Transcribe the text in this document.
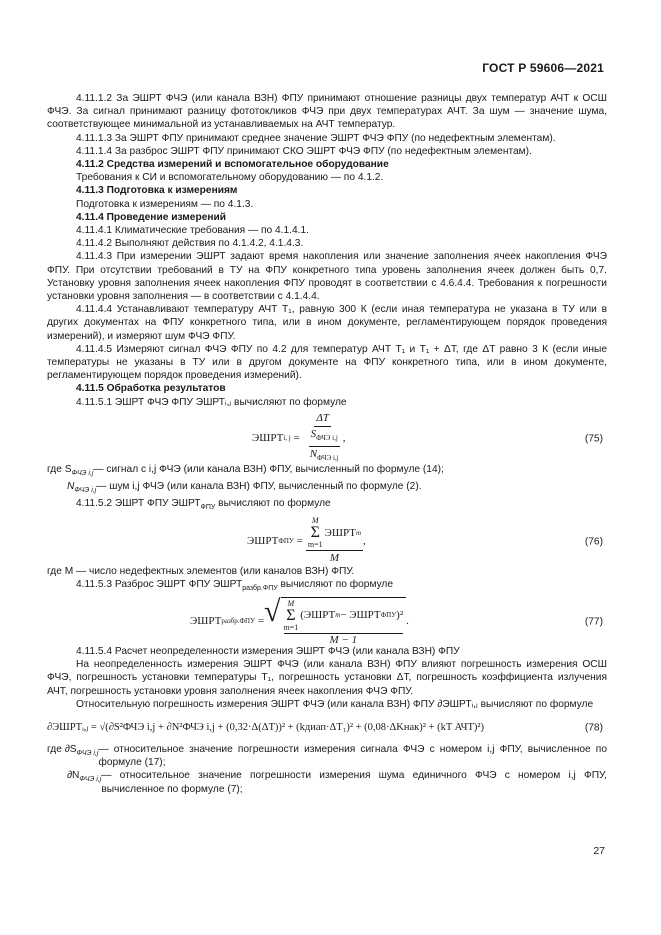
ГОСТ Р 59606—2021

4.11.1.2 За ЭШРТ ФЧЭ (или канала ВЗН) ФПУ принимают отношение разницы двух температур АЧТ к ОСШ ФЧЭ. За сигнал принимают разницу фототокликов ФЧЭ при двух температурах АЧТ. За шум — значение шума, соответствующее минимальной из устанавливаемых на АЧТ температур.

4.11.1.3 За ЭШРТ ФПУ принимают среднее значение ЭШРТ ФЧЭ ФПУ (по недефектным элементам).

4.11.1.4 За разброс ЭШРТ ФПУ принимают СКО ЭШРТ ФЧЭ ФПУ (по недефектным элементам).

4.11.2 Средства измерений и вспомогательное оборудование

Требования к СИ и вспомогательному оборудованию — по 4.1.2.

4.11.3 Подготовка к измерениям

Подготовка к измерениям — по 4.1.3.

4.11.4 Проведение измерений

4.11.4.1 Климатические требования — по 4.1.4.1.

4.11.4.2 Выполняют действия по 4.1.4.2, 4.1.4.3.

4.11.4.3 При измерении ЭШРТ задают время накопления или значение заполнения ячеек накопления ФЧЭ ФПУ. При отсутствии требований в ТУ на ФПУ конкретного типа уровень заполнения ячеек должен быть 0,7. Установку уровня заполнения ячеек накопления ФПУ проводят в соответствии с 4.6.4.4. Требования к погрешности установки уровня заполнения — в соответствии с 4.1.4.4.

4.11.4.4 Устанавливают температуру АЧТ T₁, равную 300 К (если иная температура не указана в ТУ или в других документах на ФПУ конкретного типа, или в ином документе, регламентирующем порядок проведения измерений), и измеряют шум ФЧЭ ФПУ.

4.11.4.5 Измеряют сигнал ФЧЭ ФПУ по 4.2 для температур АЧТ T₁ и T₁ + ΔT, где ΔT равно 3 К (если иные температуры не указаны в ТУ или в другом документе на ФПУ конкретного типа, или в ином документе, регламентирующем порядок проведения измерений).

4.11.5 Обработка результатов

4.11.5.1 ЭШРТ ФЧЭ ФПУ ЭШРТᵢ,ⱼ вычисляют по формуле

ЭШРТ i, $j = \frac{\Delta T}{\frac{S_{ФЧЭ i,j}}{N_{ФЧЭ i,j}}}$ ,	(75)
где $S_{ФЧЭ i,j}$ — сигнал с i,j ФЧЭ (или канала ВЗН) ФПУ, вычисленный по формуле (14);
$N_{ФЧЭ i,j}$ — шум i,j ФЧЭ (или канала ВЗН) ФПУ, вычисленный по формуле (2).

4.11.5.2 ЭШРТ ФПУ $ЭШРТ_{ФПУ}$ вычисляют по формуле

ЭШРТ ФПУ =
M
Σ
m=1
ЭШРТ m
M
,	(76)

где M — число недефектных элементов (или каналов ВЗН) ФПУ.

4.11.5.3 Разброс ЭШРТ ФПУ $ЭШРТ_{разбр.ФПУ}$ вычисляют по формуле

ЭШРТ разбр.ФПУ = √ M
Σ
m=1
(ЭШРТ m − ЭШРТ ФПУ )²
M − 1
.	(77)

4.11.5.4 Расчет неопределенности измерения ЭШРТ ФЧЭ (или канала ВЗН) ФПУ

На неопределенность измерения ЭШРТ ФЧЭ (или канала ВЗН) ФПУ влияют погрешность измерения ОСШ ФЧЭ, погрешность установки температуры T₁, погрешность установки ΔT, погрешность коэффициента излучения АЧТ, погрешность установки уровня заполнения ячеек накопления ФЧЭ ФПУ.

Относительную погрешность измерения ЭШРТ ФЧЭ (или канала ВЗН) ФПУ ∂ЭШРТᵢ,ⱼ вычисляют по формуле

∂ЭШРТᵢ,ⱼ = √(∂S²ФЧЭ i,j + ∂N²ФЧЭ i,j + (0,32·Δ(ΔT))² + (kдиап·ΔT₁)² + (0,08·ΔKнак)² + (kT АЧТ)²)	(78)
где $\partial S_{ФЧЭ i,j}$ — относительное значение погрешности измерения сигнала ФЧЭ с номером i,j ФПУ, вычисленное по формуле (17);
$\partial N_{ФЧЭ i,j}$ — относительное значение погрешности измерения шума единичного ФЧЭ с номером i,j ФПУ, вычисленное по формуле (7);
27
